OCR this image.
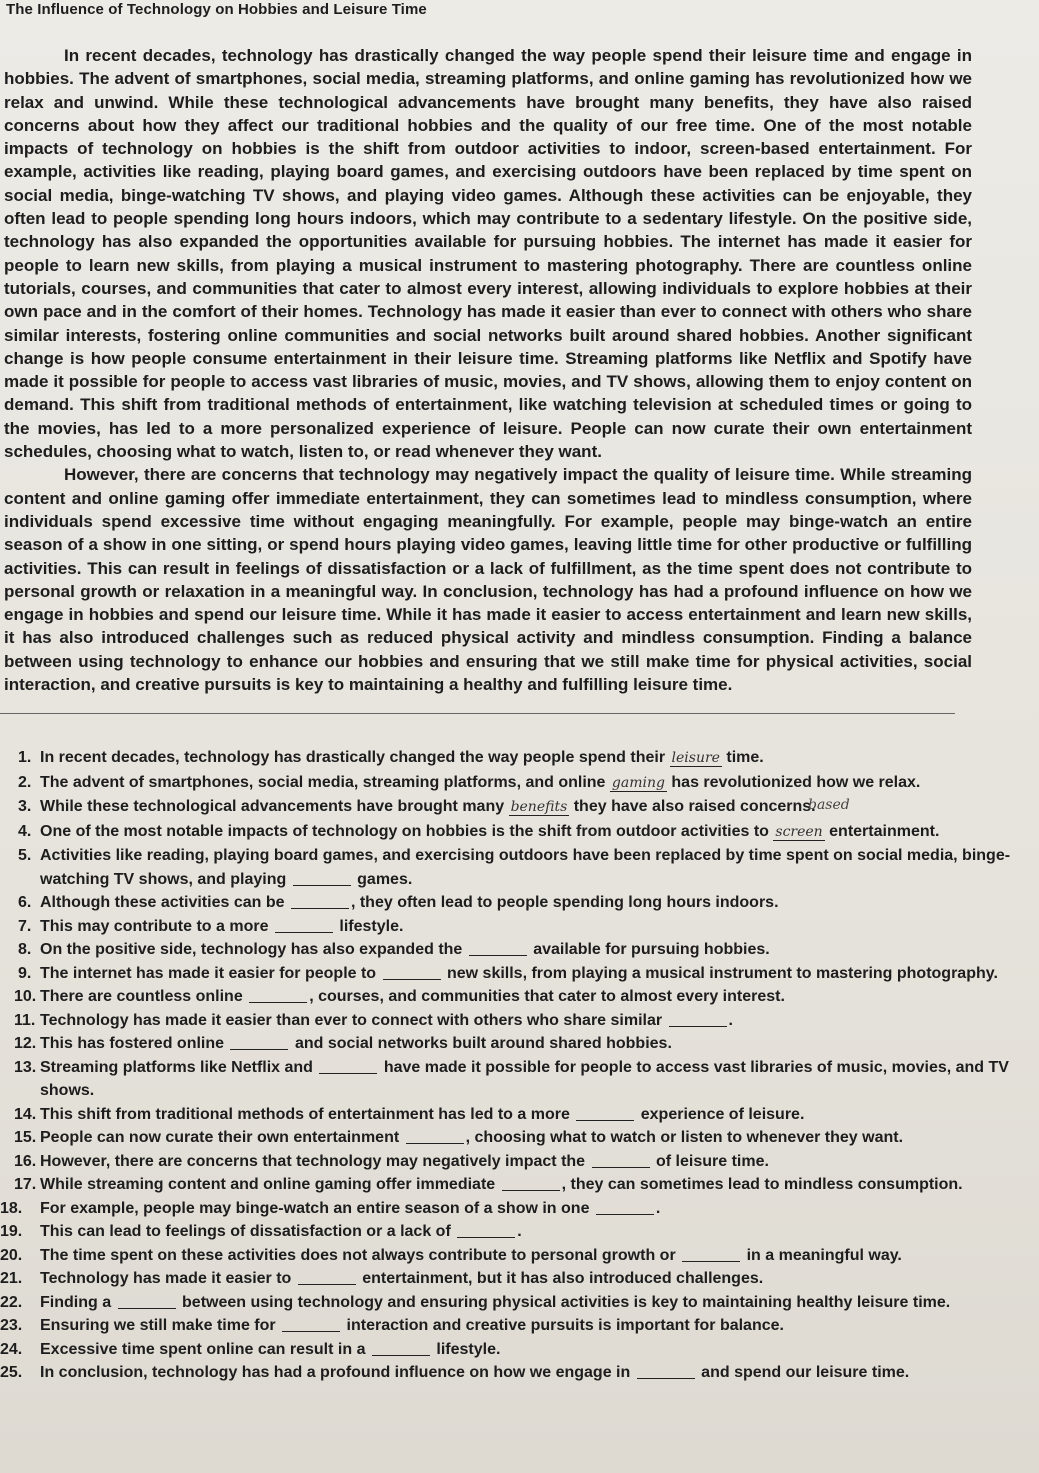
The Influence of Technology on Hobbies and Leisure Time

In recent decades, technology has drastically changed the way people spend their leisure time and engage in hobbies. The advent of smartphones, social media, streaming platforms, and online gaming has revolutionized how we relax and unwind. While these technological advancements have brought many benefits, they have also raised concerns about how they affect our traditional hobbies and the quality of our free time. One of the most notable impacts of technology on hobbies is the shift from outdoor activities to indoor, screen-based entertainment. For example, activities like reading, playing board games, and exercising outdoors have been replaced by time spent on social media, binge-watching TV shows, and playing video games. Although these activities can be enjoyable, they often lead to people spending long hours indoors, which may contribute to a sedentary lifestyle. On the positive side, technology has also expanded the opportunities available for pursuing hobbies. The internet has made it easier for people to learn new skills, from playing a musical instrument to mastering photography. There are countless online tutorials, courses, and communities that cater to almost every interest, allowing individuals to explore hobbies at their own pace and in the comfort of their homes. Technology has made it easier than ever to connect with others who share similar interests, fostering online communities and social networks built around shared hobbies. Another significant change is how people consume entertainment in their leisure time. Streaming platforms like Netflix and Spotify have made it possible for people to access vast libraries of music, movies, and TV shows, allowing them to enjoy content on demand. This shift from traditional methods of entertainment, like watching television at scheduled times or going to the movies, has led to a more personalized experience of leisure. People can now curate their own entertainment schedules, choosing what to watch, listen to, or read whenever they want.

However, there are concerns that technology may negatively impact the quality of leisure time. While streaming content and online gaming offer immediate entertainment, they can sometimes lead to mindless consumption, where individuals spend excessive time without engaging meaningfully. For example, people may binge-watch an entire season of a show in one sitting, or spend hours playing video games, leaving little time for other productive or fulfilling activities. This can result in feelings of dissatisfaction or a lack of fulfillment, as the time spent does not contribute to personal growth or relaxation in a meaningful way. In conclusion, technology has had a profound influence on how we engage in hobbies and spend our leisure time. While it has made it easier to access entertainment and learn new skills, it has also introduced challenges such as reduced physical activity and mindless consumption. Finding a balance between using technology to enhance our hobbies and ensuring that we still make time for physical activities, social interaction, and creative pursuits is key to maintaining a healthy and fulfilling leisure time.

1. In recent decades, technology has drastically changed the way people spend their leisure time.
2. The advent of smartphones, social media, streaming platforms, and online gaming has revolutionized how we relax.
3. While these technological advancements have brought many benefits they have also raised concerns.
4. One of the most notable impacts of technology on hobbies is the shift from outdoor activities to screen entertainment.
5. Activities like reading, playing board games, and exercising outdoors have been replaced by time spent on social media, binge-watching TV shows, and playing	games.
6. Although these activities can be	, they often lead to people spending long hours indoors.
7. This may contribute to a more	lifestyle.
8. On the positive side, technology has also expanded the	available for pursuing hobbies.
9. The internet has made it easier for people to	new skills, from playing a musical instrument to mastering photography.
10. There are countless online	, courses, and communities that cater to almost every interest.
11. Technology has made it easier than ever to connect with others who share similar	.
12. This has fostered online	and social networks built around shared hobbies.
13. Streaming platforms like Netflix and	have made it possible for people to access vast libraries of music, movies, and TV shows.
14. This shift from traditional methods of entertainment has led to a more	experience of leisure.
15. People can now curate their own entertainment	, choosing what to watch or listen to whenever they want.
16. However, there are concerns that technology may negatively impact the	of leisure time.
17. While streaming content and online gaming offer immediate	, they can sometimes lead to mindless consumption.
18. For example, people may binge-watch an entire season of a show in one	.
19. This can lead to feelings of dissatisfaction or a lack of	.
20. The time spent on these activities does not always contribute to personal growth or	in a meaningful way.
21. Technology has made it easier to	entertainment, but it has also introduced challenges.
22. Finding a	between using technology and ensuring physical activities is key to maintaining healthy leisure time.
23. Ensuring we still make time for	interaction and creative pursuits is important for balance.
24. Excessive time spent online can result in a	lifestyle.
25. In conclusion, technology has had a profound influence on how we engage in	and spend our leisure time.
based
